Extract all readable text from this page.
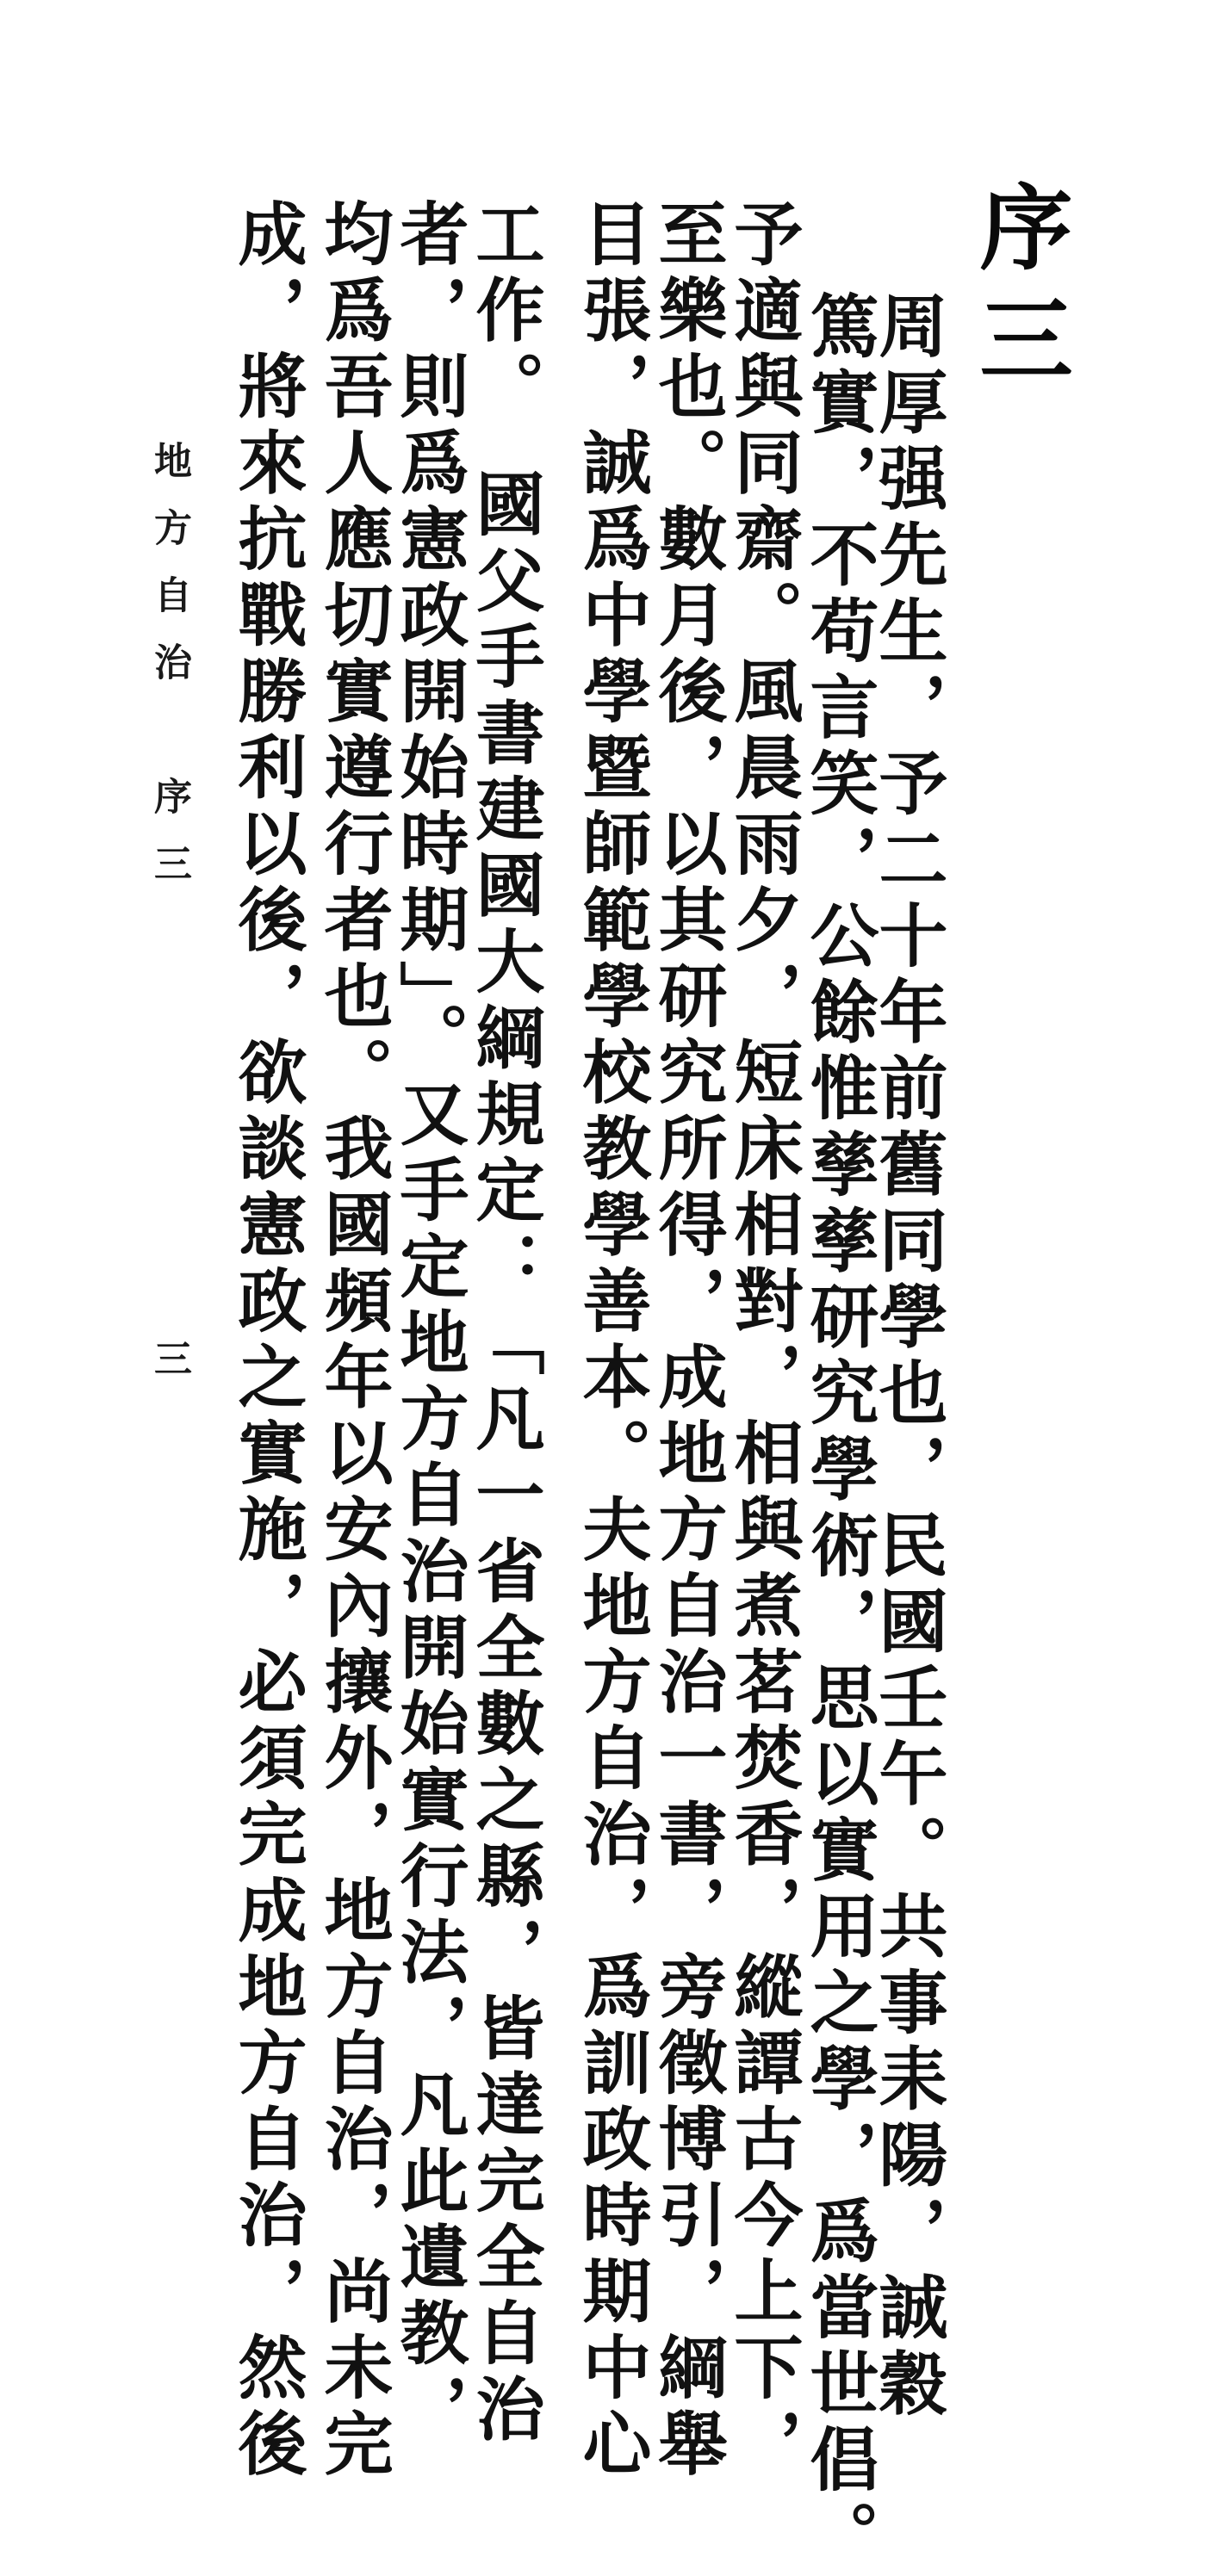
序三
周厚强先生，予二十年前舊同學也，民國壬午。共事耒陽，誠穀
篤實，不苟言笑，公餘惟孳孳研究學術，思以實用之學，爲當世倡。
予適與同齋。風晨雨夕，短床相對，相與煮茗焚香，縱譚古今上下，
至樂也。數月後，以其研究所得，成地方自治一書，旁徵博引，綱舉
目張，誠爲中學暨師範學校教學善本。夫地方自治，爲訓政時期中心
工作。　國父手書建國大綱規定：「凡一省全數之縣，皆達完全自治
者，則爲憲政開始時期」。又手定地方自治開始實行法，凡此遺教，
均爲吾人應切實遵行者也。我國頻年以安內攘外，地方自治，尚未完
成，將來抗戰勝利以後，欲談憲政之實施，必須完成地方自治，然後
地方自治　序三
三
